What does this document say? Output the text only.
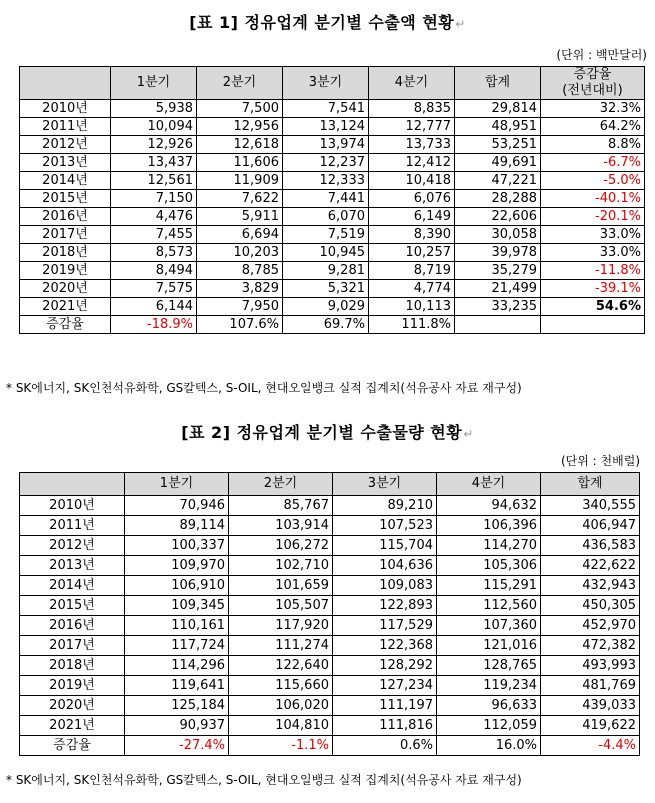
[표 1] 정유업계 분기별 수출액 현황↵
(단위 : 백만달러)
	1분기	2분기	3분기	4분기	합계	증감율
(전년대비)

2010년	5,938	7,500	7,541	8,835	29,814	32.3%
2011년	10,094	12,956	13,124	12,777	48,951	64.2%
2012년	12,926	12,618	13,974	13,733	53,251	8.8%
2013년	13,437	11,606	12,237	12,412	49,691	-6.7%
2014년	12,561	11,909	12,333	10,418	47,221	-5.0%
2015년	7,150	7,622	7,441	6,076	28,288	-40.1%
2016년	4,476	5,911	6,070	6,149	22,606	-20.1%
2017년	7,455	6,694	7,519	8,390	30,058	33.0%
2018년	8,573	10,203	10,945	10,257	39,978	33.0%
2019년	8,494	8,785	9,281	8,719	35,279	-11.8%
2020년	7,575	3,829	5,321	4,774	21,499	-39.1%
2021년	6,144	7,950	9,029	10,113	33,235	54.6%
증감율	-18.9%	107.6%	69.7%	111.8%		
* SK에너지, SK인천석유화학, GS칼텍스, S-OIL, 현대오일뱅크 실적 집계치(석유공사 자료 재구성)
[표 2] 정유업계 분기별 수출물량 현황↵
(단위 : 천배럴)
	1분기	2분기	3분기	4분기	합계
2010년	70,946	85,767	89,210	94,632	340,555
2011년	89,114	103,914	107,523	106,396	406,947
2012년	100,337	106,272	115,704	114,270	436,583
2013년	109,970	102,710	104,636	105,306	422,622
2014년	106,910	101,659	109,083	115,291	432,943
2015년	109,345	105,507	122,893	112,560	450,305
2016년	110,161	117,920	117,529	107,360	452,970
2017년	117,724	111,274	122,368	121,016	472,382
2018년	114,296	122,640	128,292	128,765	493,993
2019년	119,641	115,660	127,234	119,234	481,769
2020년	125,184	106,020	111,197	96,633	439,033
2021년	90,937	104,810	111,816	112,059	419,622
증감율	-27.4%	-1.1%	0.6%	16.0%	-4.4%
* SK에너지, SK인천석유화학, GS칼텍스, S-OIL, 현대오일뱅크 실적 집계치(석유공사 자료 재구성)
